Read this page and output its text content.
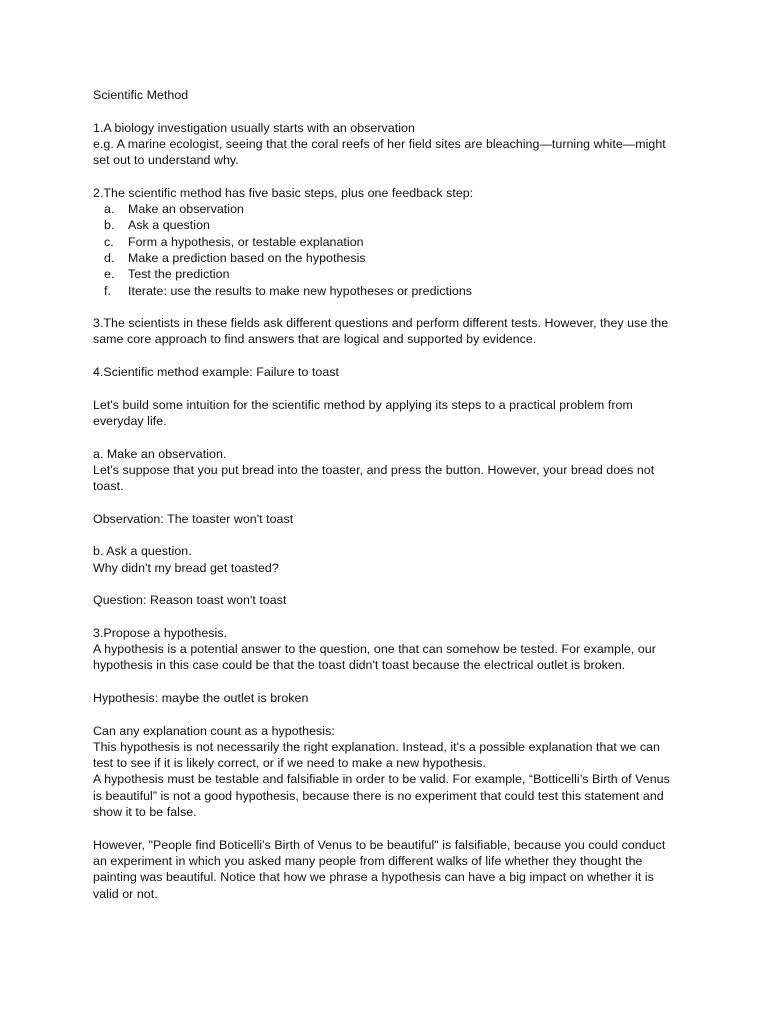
Scientific Method

1.A biology investigation usually starts with an observation

e.g. A marine ecologist, seeing that the coral reefs of her field sites are bleaching—turning white—might set out to understand why.

2.The scientific method has five basic steps, plus one feedback step:

a. Make an observation
b. Ask a question
c. Form a hypothesis, or testable explanation
d. Make a prediction based on the hypothesis
e. Test the prediction
f. Iterate: use the results to make new hypotheses or predictions

3.The scientists in these fields ask different questions and perform different tests. However, they use the same core approach to find answers that are logical and supported by evidence.

4.Scientific method example: Failure to toast

Let's build some intuition for the scientific method by applying its steps to a practical problem from everyday life.

a. Make an observation.

Let's suppose that you put bread into the toaster, and press the button. However, your bread does not toast.

Observation: The toaster won't toast

b. Ask a question.

Why didn't my bread get toasted?

Question: Reason toast won't toast

3.Propose a hypothesis.

A hypothesis is a potential answer to the question, one that can somehow be tested. For example, our hypothesis in this case could be that the toast didn't toast because the electrical outlet is broken.

Hypothesis: maybe the outlet is broken

Can any explanation count as a hypothesis:

This hypothesis is not necessarily the right explanation. Instead, it's a possible explanation that we can test to see if it is likely correct, or if we need to make a new hypothesis.

A hypothesis must be testable and falsifiable in order to be valid. For example, “Botticelli’s Birth of Venus is beautiful” is not a good hypothesis, because there is no experiment that could test this statement and show it to be false.

However, "People find Boticelli's Birth of Venus to be beautiful" is falsifiable, because you could conduct an experiment in which you asked many people from different walks of life whether they thought the painting was beautiful. Notice that how we phrase a hypothesis can have a big impact on whether it is valid or not.
